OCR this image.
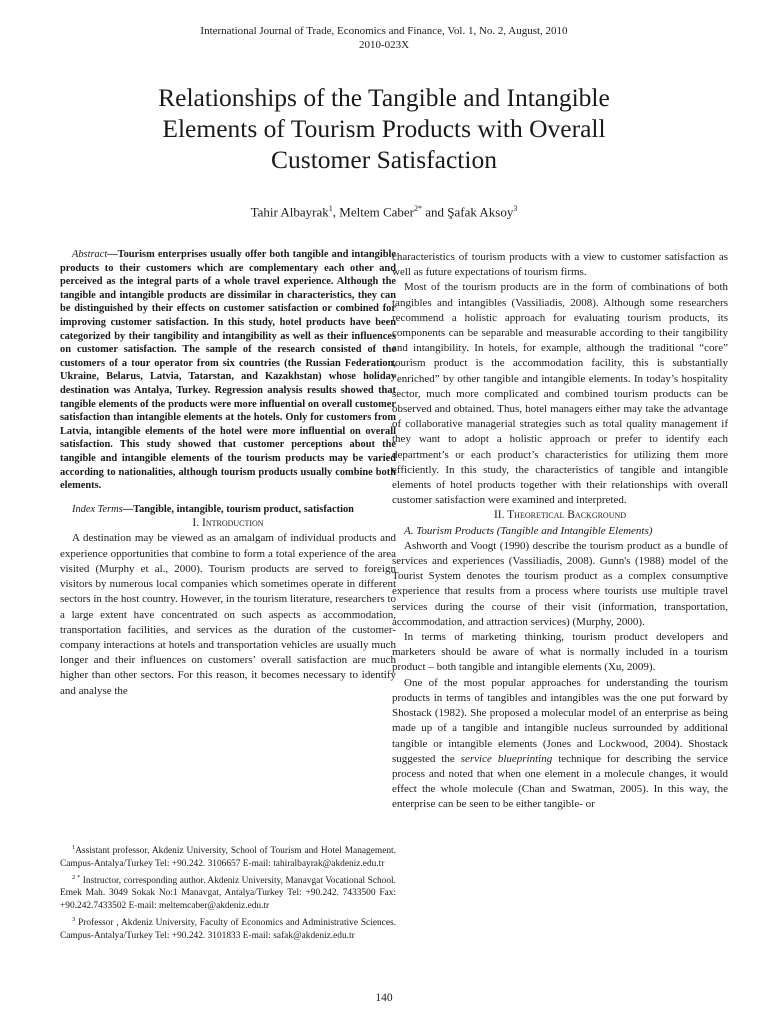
International Journal of Trade, Economics and Finance, Vol. 1, No. 2, August, 2010
2010-023X
Relationships of the Tangible and Intangible
Elements of Tourism Products with Overall
Customer Satisfaction
Tahir Albayrak$^1$, Meltem Caber$^{2*}$ and Şafak Aksoy$^3$

Abstract—Tourism enterprises usually offer both tangible and intangible products to their customers which are complementary each other and perceived as the integral parts of a whole travel experience. Although the tangible and intangible products are dissimilar in characteristics, they can be distinguished by their effects on customer satisfaction or combined for improving customer satisfaction. In this study, hotel products have been categorized by their tangibility and intangibility as well as their influences on customer satisfaction. The sample of the research consisted of the customers of a tour operator from six countries (the Russian Federation, Ukraine, Belarus, Latvia, Tatarstan, and Kazakhstan) whose holiday destination was Antalya, Turkey. Regression analysis results showed that tangible elements of the products were more influential on overall customer satisfaction than intangible elements at the hotels. Only for customers from Latvia, intangible elements of the hotel were more influential on overall satisfaction. This study showed that customer perceptions about the tangible and intangible elements of the tourism products may be varied according to nationalities, although tourism products usually combine both elements.

Index Terms—Tangible, intangible, tourism product, satisfaction

I. Introduction

A destination may be viewed as an amalgam of individual products and experience opportunities that combine to form a total experience of the area visited (Murphy et al., 2000). Tourism products are served to foreign visitors by numerous local companies which sometimes operate in different sectors in the host country. However, in the tourism literature, researchers to a large extent have concentrated on such aspects as accommodation, transportation facilities, and services as the duration of the customer-company interactions at hotels and transportation vehicles are usually much longer and their influences on customers’ overall satisfaction are much higher than other sectors. For this reason, it becomes necessary to identify and analyse the

characteristics of tourism products with a view to customer satisfaction as well as future expectations of tourism firms.

Most of the tourism products are in the form of combinations of both tangibles and intangibles (Vassiliadis, 2008). Although some researchers recommend a holistic approach for evaluating tourism products, its components can be separable and measurable according to their tangibility and intangibility. In hotels, for example, although the traditional “core” tourism product is the accommodation facility, this is substantially “enriched” by other tangible and intangible elements. In today’s hospitality sector, much more complicated and combined tourism products can be observed and obtained. Thus, hotel managers either may take the advantage of collaborative managerial strategies such as total quality management if they want to adopt a holistic approach or prefer to identify each department’s or each product’s characteristics for utilizing them more efficiently. In this study, the characteristics of tangible and intangible elements of hotel products together with their relationships with overall customer satisfaction were examined and interpreted.

II. Theoretical Background

A. Tourism Products (Tangible and Intangible Elements)

Ashworth and Voogt (1990) describe the tourism product as a bundle of services and experiences (Vassiliadis, 2008). Gunn's (1988) model of the Tourist System denotes the tourism product as a complex consumptive experience that results from a process where tourists use multiple travel services during the course of their visit (information, transportation, accommodation, and attraction services) (Murphy, 2000).

In terms of marketing thinking, tourism product developers and marketers should be aware of what is normally included in a tourism product – both tangible and intangible elements (Xu, 2009).

One of the most popular approaches for understanding the tourism products in terms of tangibles and intangibles was the one put forward by Shostack (1982). She proposed a molecular model of an enterprise as being made up of a tangible and intangible nucleus surrounded by additional tangible or intangible elements (Jones and Lockwood, 2004). Shostack suggested the service blueprinting technique for describing the service process and noted that when one element in a molecule changes, it would effect the whole molecule (Chan and Swatman, 2005). In this way, the enterprise can be seen to be either tangible- or

$^1$Assistant professor, Akdeniz University, School of Tourism and Hotel Management. Campus-Antalya/Turkey Tel: +90.242. 3106657 E-mail: tahiralbayrak@akdeniz.edu.tr

$^{2 *}$ Instructor, corresponding author. Akdeniz University, Manavgat Vocational School. Emek Mah. 3049 Sokak No:1 Manavgat, Antalya/Turkey Tel: +90.242. 7433500 Fax: +90.242.7433502 E-mail: meltemcaber@akdeniz.edu.tr

$^3$ Professor , Akdeniz University, Faculty of Economics and Administrative Sciences. Campus-Antalya/Turkey Tel: +90.242. 3101833 E-mail: safak@akdeniz.edu.tr

140
